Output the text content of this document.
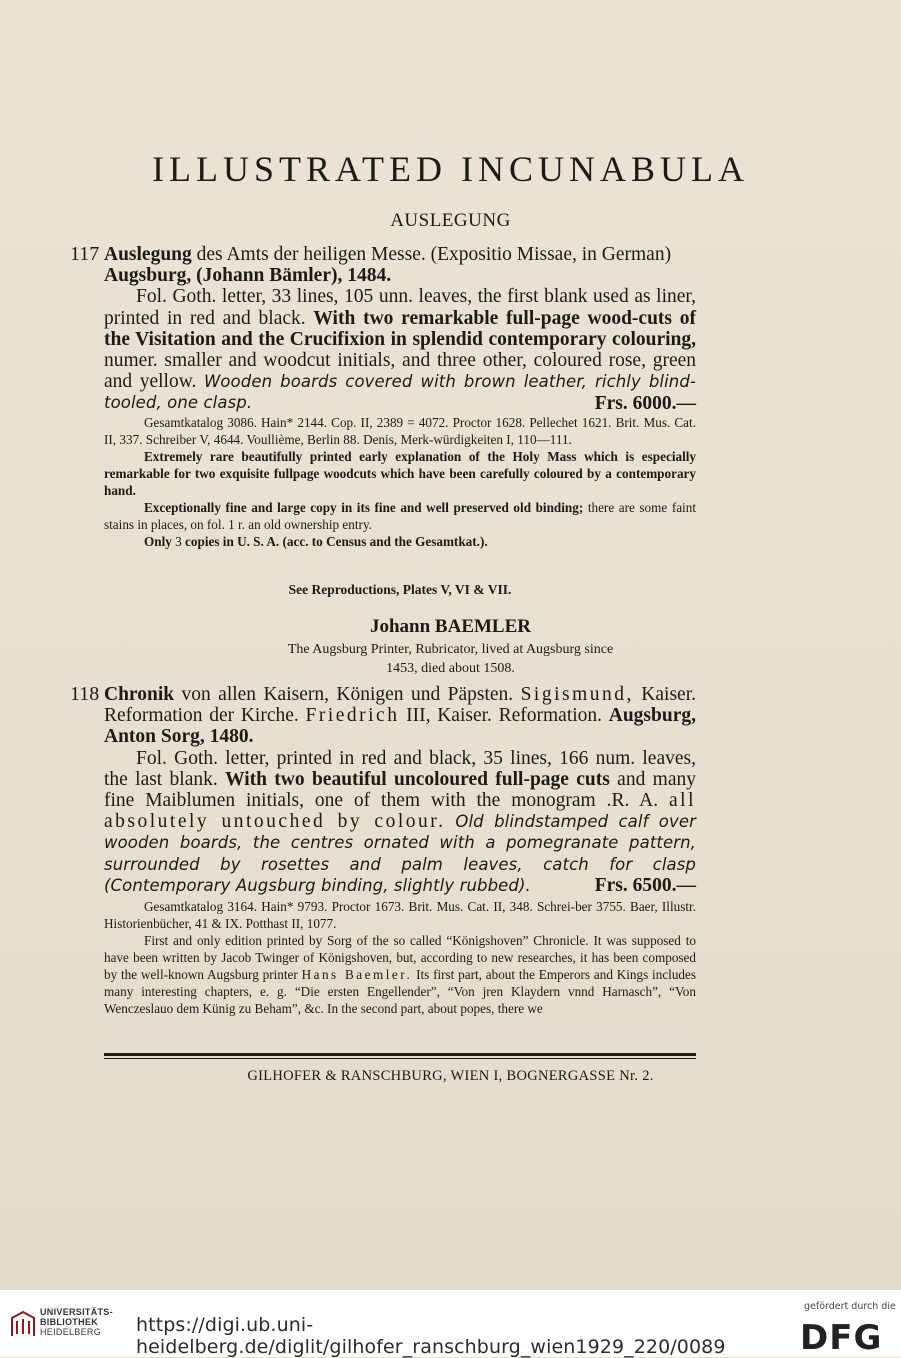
ILLUSTRATED INCUNABULA
AUSLEGUNG
117 Auslegung des Amts der heiligen Messe. (Expositio Missae, in German)

Augsburg, (Johann Bämler), 1484.

Fol. Goth. letter, 33 lines, 105 unn. leaves, the first blank used as liner, printed in red and black. With two remarkable full-page wood-cuts of the Visitation and the Crucifixion in splendid contemporary colouring, numer. smaller and woodcut initials, and three other, coloured rose, green and yellow. Wooden boards covered with brown leather, richly blind-tooled, one clasp.	Frs. 6000.—

Gesamtkatalog 3086. Hain* 2144. Cop. II, 2389 = 4072. Proctor 1628. Pellechet 1621. Brit. Mus. Cat. II, 337. Schreiber V, 4644. Voullième, Berlin 88. Denis, Merk-würdigkeiten I, 110—111.

Extremely rare beautifully printed early explanation of the Holy Mass which is especially remarkable for two exquisite fullpage woodcuts which have been carefully coloured by a contemporary hand.

Exceptionally fine and large copy in its fine and well preserved old binding; there are some faint stains in places, on fol. 1 r. an old ownership entry.

Only 3 copies in U. S. A. (acc. to Census and the Gesamtkat.).

See Reproductions, Plates V, VI & VII.
Johann BAEMLER
The Augsburg Printer, Rubricator, lived at Augsburg since
1453, died about 1508.
118 Chronik von allen Kaisern, Königen und Päpsten. Sigismund, Kaiser. Reformation der Kirche. Friedrich III, Kaiser. Reformation. Augsburg, Anton Sorg, 1480.

Fol. Goth. letter, printed in red and black, 35 lines, 166 num. leaves, the last blank. With two beautiful uncoloured full-page cuts and many fine Maiblumen initials, one of them with the monogram .R. A. all absolutely untouched by colour. Old blindstamped calf over wooden boards, the centres ornated with a pomegranate pattern, surrounded by rosettes and palm leaves, catch for clasp (Contemporary Augsburg binding, slightly rubbed).	Frs. 6500.—

Gesamtkatalog 3164. Hain* 9793. Proctor 1673. Brit. Mus. Cat. II, 348. Schrei-ber 3755. Baer, Illustr. Historienbücher, 41 & IX. Potthast II, 1077.

First and only edition printed by Sorg of the so called “Königshoven” Chronicle. It was supposed to have been written by Jacob Twinger of Königshoven, but, according to new researches, it has been composed by the well-known Augsburg printer Hans Baemler. Its first part, about the Emperors and Kings includes many interesting chapters, e. g. “Die ersten Engellender”, “Von jren Klaydern vnnd Harnasch”, “Von Wenczeslauo dem Künig zu Beham”, &c. In the second part, about popes, there we

GILHOFER & RANSCHBURG, WIEN I, BOGNERGASSE Nr. 2.
UNIVERSITÄTS-
BIBLIOTHEK
HEIDELBERG	https://digi.ub.uni-heidelberg.de/diglit/gilhofer_ranschburg_wien1929_220/0089
gefördert durch die
DFG
